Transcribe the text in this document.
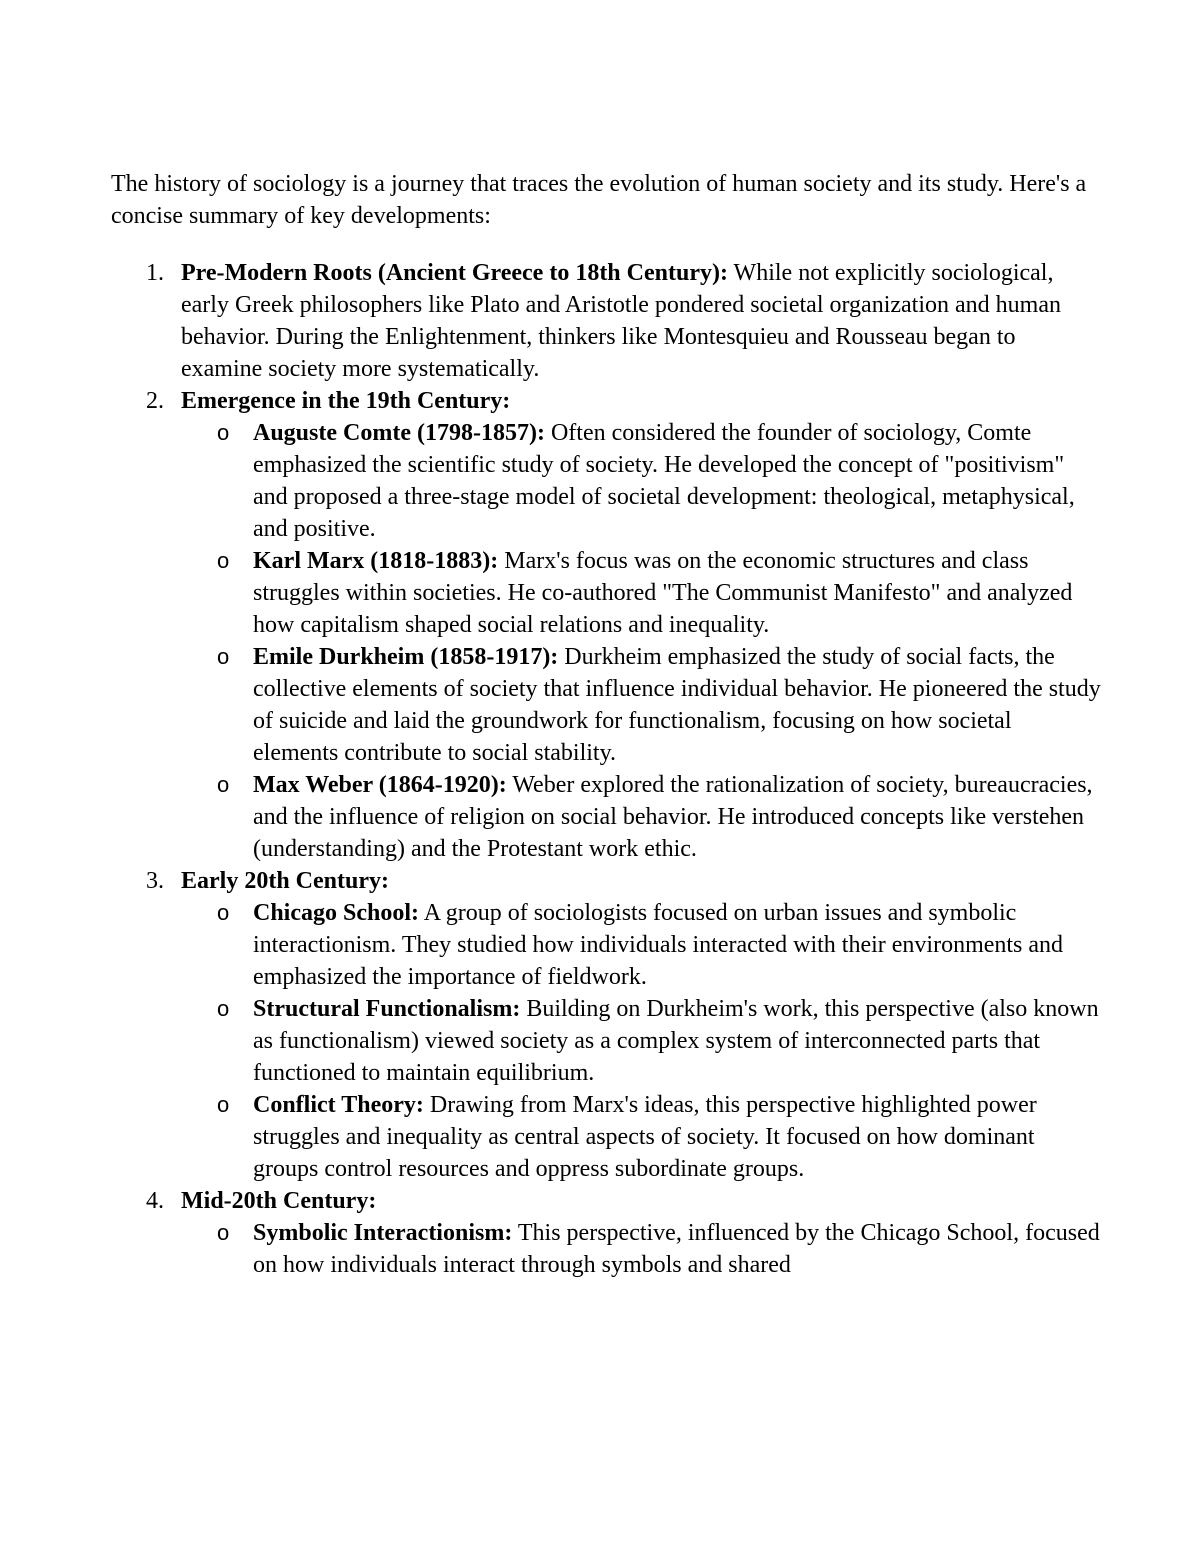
The history of sociology is a journey that traces the evolution of human society and its study. Here's a concise summary of key developments:

1. Pre-Modern Roots (Ancient Greece to 18th Century): While not explicitly sociological, early Greek philosophers like Plato and Aristotle pondered societal organization and human behavior. During the Enlightenment, thinkers like Montesquieu and Rousseau began to examine society more systematically.
2. Emergence in the 19th Century:
o Auguste Comte (1798-1857): Often considered the founder of sociology, Comte emphasized the scientific study of society. He developed the concept of "positivism" and proposed a three-stage model of societal development: theological, metaphysical, and positive.
o Karl Marx (1818-1883): Marx's focus was on the economic structures and class struggles within societies. He co-authored "The Communist Manifesto" and analyzed how capitalism shaped social relations and inequality.
o Emile Durkheim (1858-1917): Durkheim emphasized the study of social facts, the collective elements of society that influence individual behavior. He pioneered the study of suicide and laid the groundwork for functionalism, focusing on how societal elements contribute to social stability.
o Max Weber (1864-1920): Weber explored the rationalization of society, bureaucracies, and the influence of religion on social behavior. He introduced concepts like verstehen (understanding) and the Protestant work ethic.
3. Early 20th Century:
o Chicago School: A group of sociologists focused on urban issues and symbolic interactionism. They studied how individuals interacted with their environments and emphasized the importance of fieldwork.
o Structural Functionalism: Building on Durkheim's work, this perspective (also known as functionalism) viewed society as a complex system of interconnected parts that functioned to maintain equilibrium.
o Conflict Theory: Drawing from Marx's ideas, this perspective highlighted power struggles and inequality as central aspects of society. It focused on how dominant groups control resources and oppress subordinate groups.
4. Mid-20th Century:
o Symbolic Interactionism: This perspective, influenced by the Chicago School, focused on how individuals interact through symbols and shared
